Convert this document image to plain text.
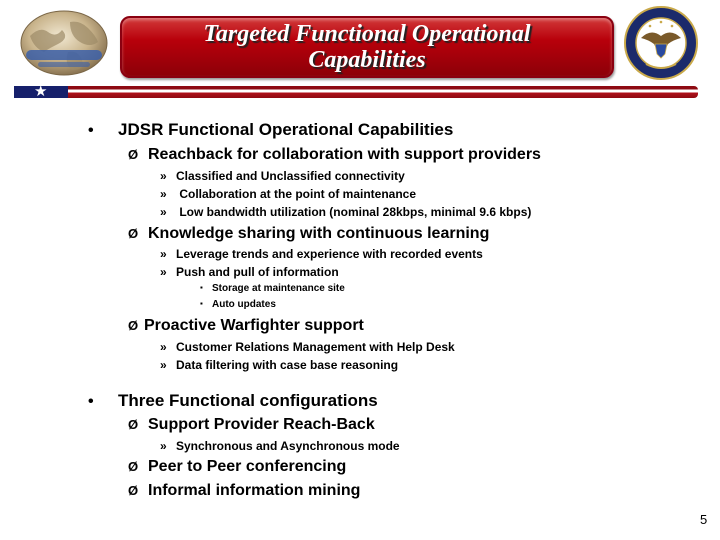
Targeted Functional Operational
Capabilities
★
• JDSR Functional Operational Capabilities
Ø Reachback for collaboration with support providers
» Classified and Unclassified connectivity
» Collaboration at the point of maintenance
» Low bandwidth utilization (nominal 28kbps, minimal 9.6 kbps)
Ø Knowledge sharing with continuous learning
» Leverage trends and experience with recorded events
» Push and pull of information
▪ Storage at maintenance site
▪ Auto updates
Ø Proactive Warfighter support
» Customer Relations Management with Help Desk
» Data filtering with case base reasoning
• Three Functional configurations
Ø Support Provider Reach-Back
» Synchronous and Asynchronous mode
Ø Peer to Peer conferencing
Ø Informal information mining
5
